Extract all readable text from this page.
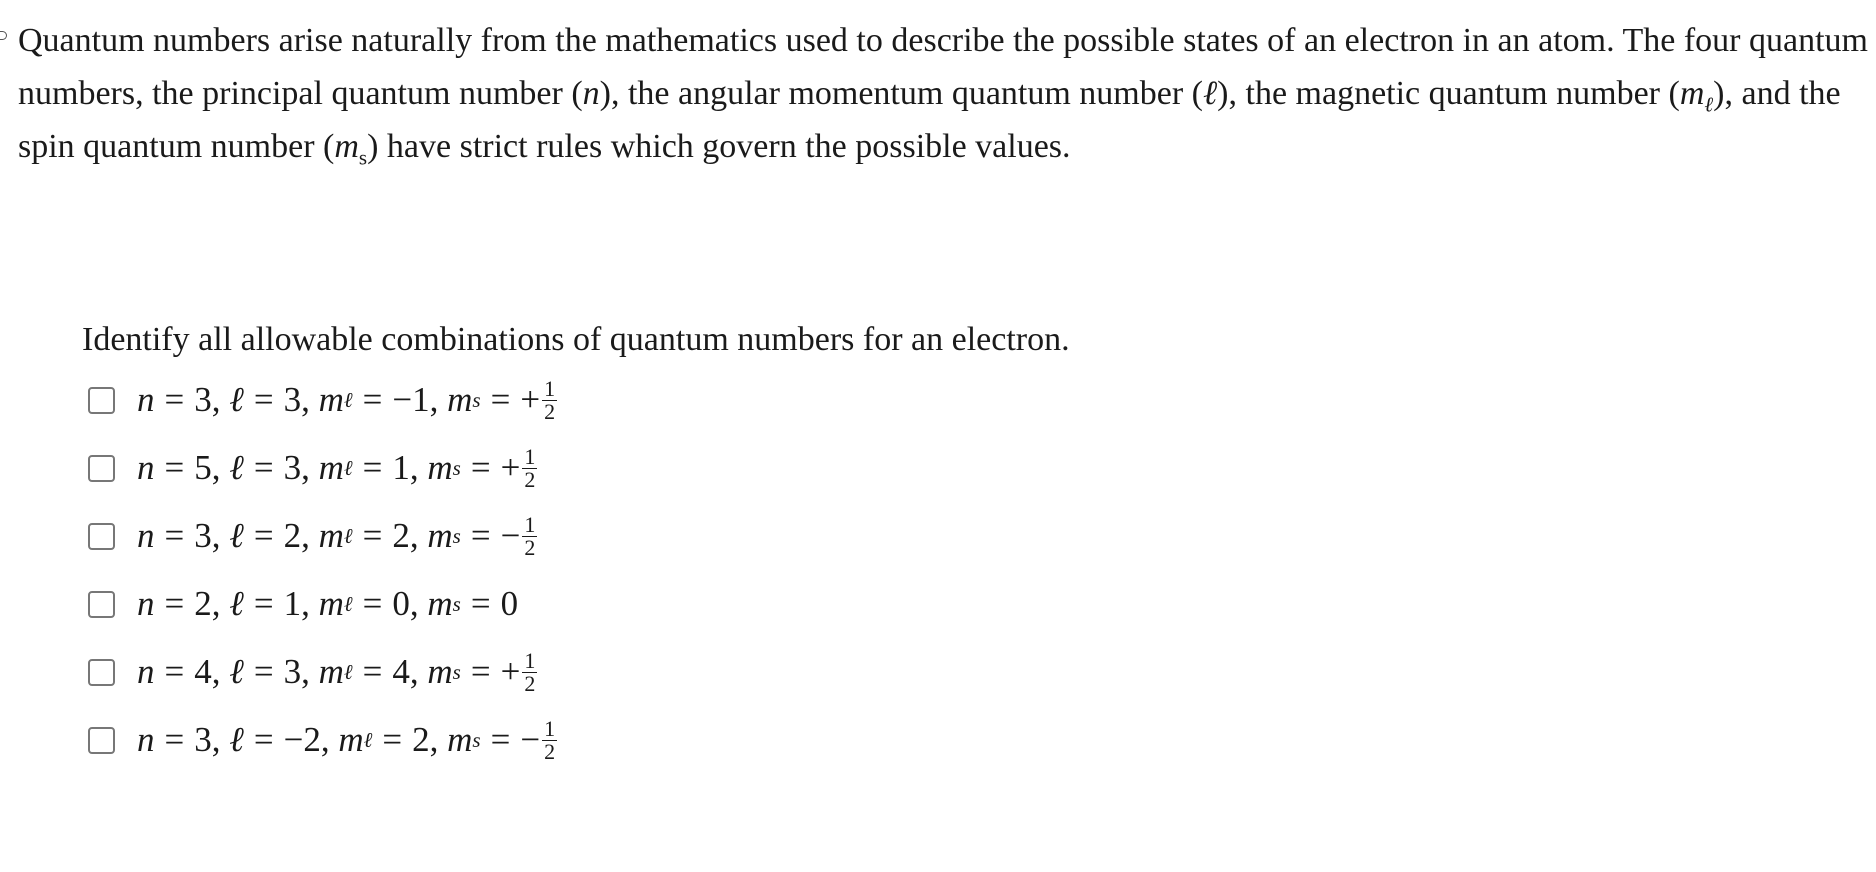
Quantum numbers arise naturally from the mathematics used to describe the possible states of an electron in an atom. The four quantum numbers, the principal quantum number (n), the angular momentum quantum number (ℓ), the magnetic quantum number $(m_\ell)$, and the spin quantum number $(m_s)$ have strict rules which govern the possible values.
Identify all allowable combinations of quantum numbers for an electron.
n = 3,
ℓ = 3,
m ℓ = −1,
m s = + $\frac{1}{2}$
n = 5,
ℓ = 3,
m ℓ = 1,
m s = + $\frac{1}{2}$
n = 3,
ℓ = 2,
m ℓ = 2,
m s = − $\frac{1}{2}$
n = 2,
ℓ = 1,
m ℓ = 0,
m s = 0
n = 4,
ℓ = 3,
m ℓ = 4,
m s = + $\frac{1}{2}$
n = 3,
ℓ = −2,
m ℓ = 2,
m s = − $\frac{1}{2}$
